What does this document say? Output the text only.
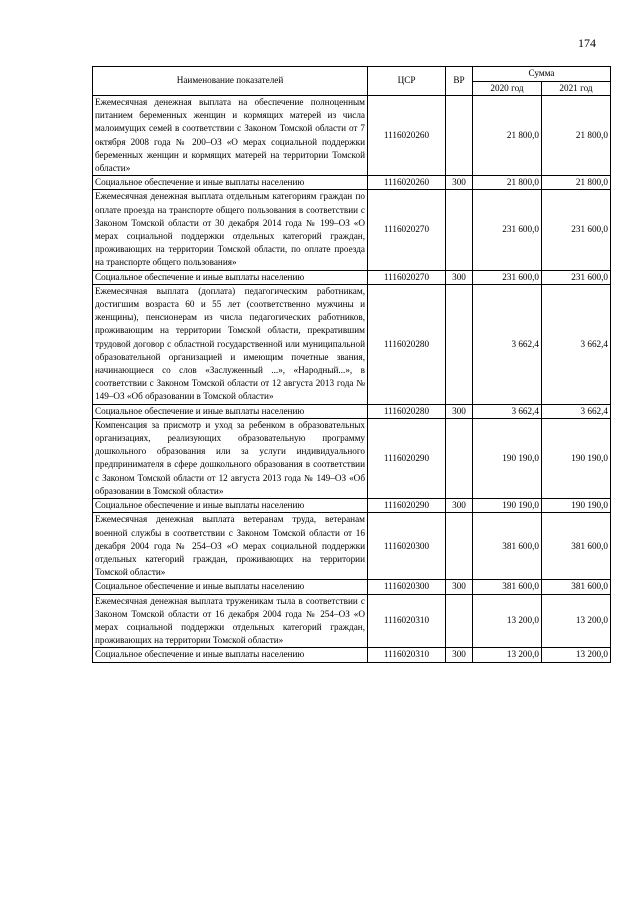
174
Наименование показателей	ЦСР	ВР	Сумма	
			2020 год	2021 год
Ежемесячная денежная выплата на обеспечение полноценным питанием беременных женщин и кормящих матерей из числа малоимущих семей в соответствии с Законом Томской области от 7 октября 2008 года № 200–ОЗ «О мерах социальной поддержки беременных женщин и кормящих матерей на территории Томской области»	1116020260		21 800,0	21 800,0
Социальное обеспечение и иные выплаты населению	1116020260	300	21 800,0	21 800,0
Ежемесячная денежная выплата отдельным категориям граждан по оплате проезда на транспорте общего пользования в соответствии с Законом Томской области от 30 декабря 2014 года № 199–ОЗ «О мерах социальной поддержки отдельных категорий граждан, проживающих на территории Томской области, по оплате проезда на транспорте общего пользования»	1116020270		231 600,0	231 600,0
Социальное обеспечение и иные выплаты населению	1116020270	300	231 600,0	231 600,0
Ежемесячная выплата (доплата) педагогическим работникам, достигшим возраста 60 и 55 лет (соответственно мужчины и женщины), пенсионерам из числа педагогических работников, проживающим на территории Томской области, прекратившим трудовой договор с областной государственной или муниципальной образовательной организацией и имеющим почетные звания, начинающиеся со слов «Заслуженный ...», «Народный...», в соответствии с Законом Томской области от 12 августа 2013 года № 149–ОЗ «Об образовании в Томской области»	1116020280		3 662,4	3 662,4
Социальное обеспечение и иные выплаты населению	1116020280	300	3 662,4	3 662,4
Компенсация за присмотр и уход за ребенком в образовательных организациях, реализующих образовательную программу дошкольного образования или за услуги индивидуального предпринимателя в сфере дошкольного образования в соответствии с Законом Томской области от 12 августа 2013 года № 149–ОЗ «Об образовании в Томской области»	1116020290		190 190,0	190 190,0
Социальное обеспечение и иные выплаты населению	1116020290	300	190 190,0	190 190,0
Ежемесячная денежная выплата ветеранам труда, ветеранам военной службы в соответствии с Законом Томской области от 16 декабря 2004 года № 254–ОЗ «О мерах социальной поддержки отдельных категорий граждан, проживающих на территории Томской области»	1116020300		381 600,0	381 600,0
Социальное обеспечение и иные выплаты населению	1116020300	300	381 600,0	381 600,0
Ежемесячная денежная выплата труженикам тыла в соответствии с Законом Томской области от 16 декабря 2004 года № 254–ОЗ «О мерах социальной поддержки отдельных категорий граждан, проживающих на территории Томской области»	1116020310		13 200,0	13 200,0
Социальное обеспечение и иные выплаты населению	1116020310	300	13 200,0	13 200,0
